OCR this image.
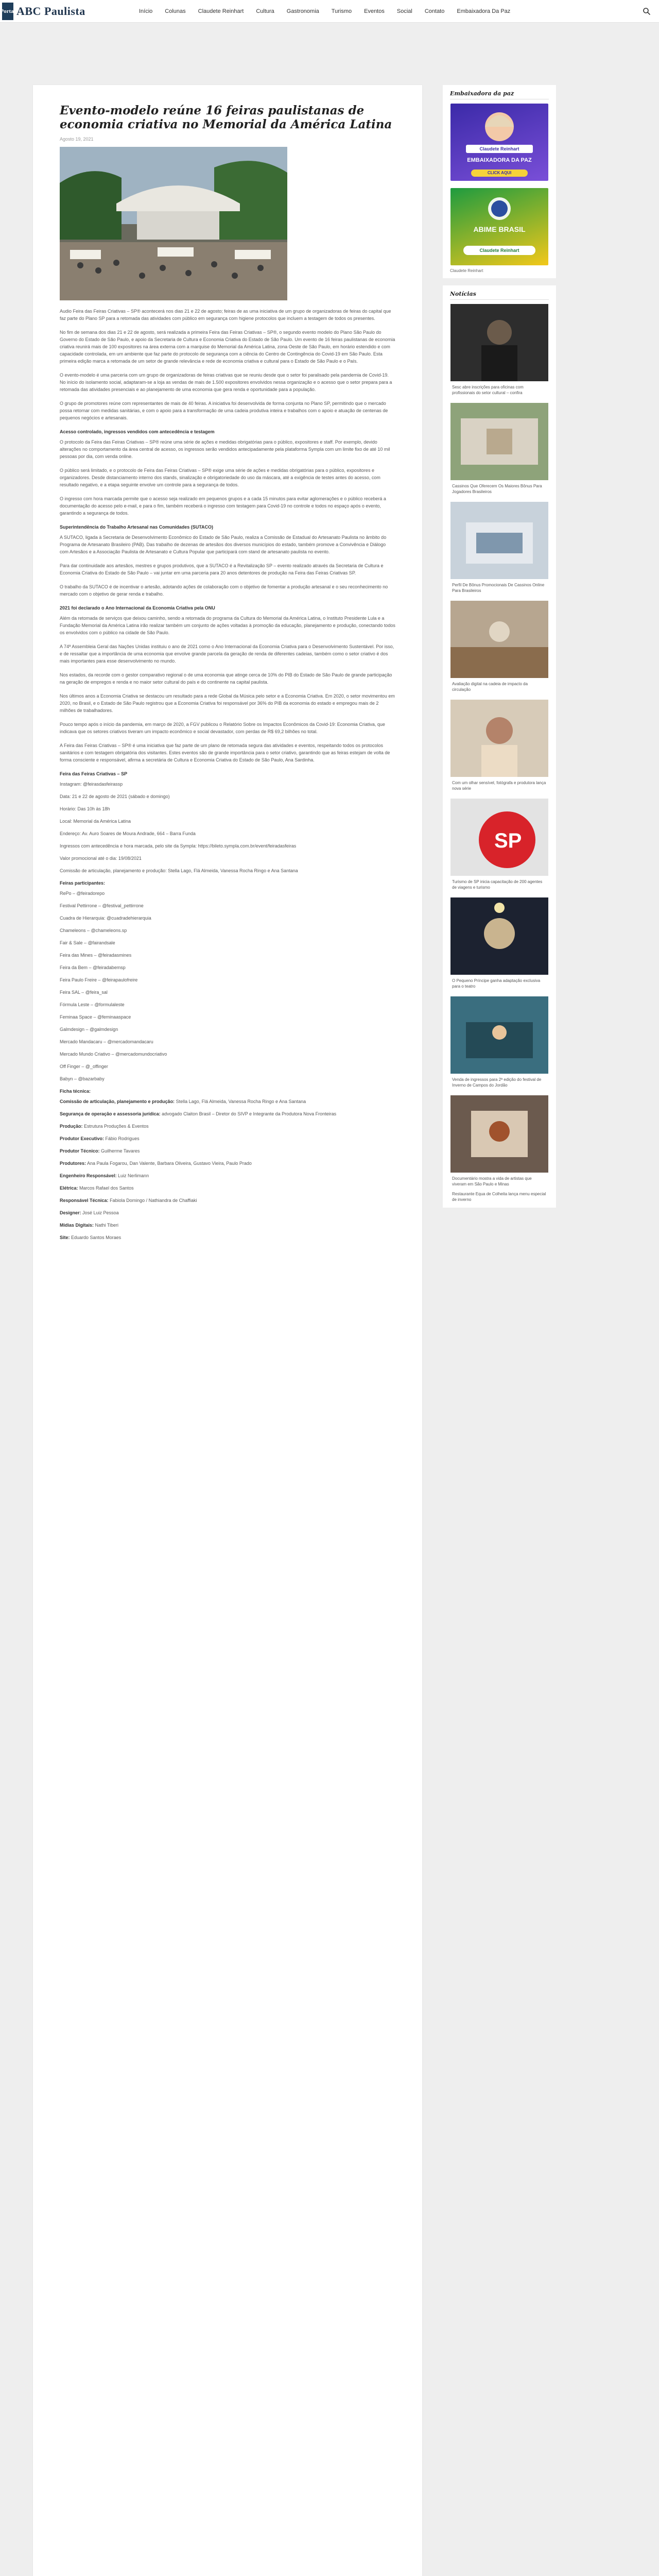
Portal ABC Paulista	Início Colunas Claudete Reinhart Cultura Gastronomia Turismo Eventos Social Contato Embaixadora Da Paz
Evento-modelo reúne 16 feiras paulistanas de economia criativa no Memorial da América Latina
Agosto 19, 2021

Audio Feira das Feiras Criativas – SP® acontecerá nos dias 21 e 22 de agosto; feiras de as uma iniciativa de um grupo de organizadoras de feiras do capital que faz parte do Plano SP para a retomada das atividades com público em segurança com higiene protocolos que incluem a testagem de todos os presentes.

No fim de semana dos dias 21 e 22 de agosto, será realizada a primeira Feira das Feiras Criativas – SP®, o segundo evento modelo do Plano São Paulo do Governo do Estado de São Paulo, e apoio da Secretaria de Cultura e Economia Criativa do Estado de São Paulo. Um evento de 16 feiras paulistanas de economia criativa reunirá mais de 100 expositores na área externa com a marquise do Memorial da América Latina, zona Oeste de São Paulo, em horário estendido e com capacidade controlada, em um ambiente que faz parte do protocolo de segurança com a ciência do Centro de Contingência do Covid-19 em São Paulo. Esta primeira edição marca a retomada de um setor de grande relevância e rede de economia criativa e cultural para o Estado de São Paulo e o País.

O evento-modelo é uma parceria com um grupo de organizadoras de feiras criativas que se reuniu desde que o setor foi paralisado pela pandemia de Covid-19. No início do isolamento social, adaptaram-se a loja as vendas de mais de 1.500 expositores envolvidos nessa organização e o acesso que o setor prepara para a retomada das atividades presenciais e ao planejamento de uma economia que gera renda e oportunidade para a população.

O grupo de promotores reúne com representantes de mais de 40 feiras. A iniciativa foi desenvolvida de forma conjunta no Plano SP, permitindo que o mercado possa retornar com medidas sanitárias, e com o apoio para a transformação de uma cadeia produtiva inteira e trabalhos com o apoio e atuação de centenas de pequenos negócios e artesanais.

Acesso controlado, ingressos vendidos com antecedência e testagem

O protocolo da Feira das Feiras Criativas – SP® reúne uma série de ações e medidas obrigatórias para o público, expositores e staff. Por exemplo, devido alterações no comportamento da área central de acesso, os ingressos serão vendidos antecipadamente pela plataforma Sympla com um limite fixo de até 10 mil pessoas por dia, com venda online.

O público será limitado, e o protocolo de Feira das Feiras Criativas – SP® exige uma série de ações e medidas obrigatórias para o público, expositores e organizadores. Desde distanciamento interno dos stands, sinalização e obrigatoriedade do uso da máscara, até a exigência de testes antes do acesso, com resultado negativo, e a etapa seguinte envolve um controle para a segurança de todos.

O ingresso com hora marcada permite que o acesso seja realizado em pequenos grupos e a cada 15 minutos para evitar aglomerações e o público receberá a documentação do acesso pelo e-mail, e para o fim, também receberá o ingresso com testagem para Covid-19 no controle e todos no espaço após o evento, garantindo a segurança de todos.

Superintendência do Trabalho Artesanal nas Comunidades (SUTACO)

A SUTACO, ligada à Secretaria de Desenvolvimento Econômico do Estado de São Paulo, realiza a Comissão de Estadual do Artesanato Paulista no âmbito do Programa de Artesanato Brasileiro (PAB). Das trabalho de dezenas de artesãos dos diversos municípios do estado, também promove a Convivência e Diálogo com Artesãos e a Associação Paulista de Artesanato e Cultura Popular que participará com stand de artesanato paulista no evento.

Para dar continuidade aos artesãos, mestres e grupos produtivos, que a SUTACO é a Revitalização SP – evento realizado através da Secretaria de Cultura e Economia Criativa do Estado de São Paulo – vai juntar em uma parceria para 20 anos detentores de produção na Feira das Feiras Criativas SP.

O trabalho da SUTACO é de incentivar o artesão, adotando ações de colaboração com o objetivo de fomentar a produção artesanal e o seu reconhecimento no mercado com o objetivo de gerar renda e trabalho.

2021 foi declarado o Ano Internacional da Economia Criativa pela ONU

Além da retomada de serviços que deixou caminho, sendo a retomada do programa da Cultura do Memorial da América Latina, o Instituto Presidente Lula e a Fundação Memorial da América Latina irão realizar também um conjunto de ações voltadas à promoção da educação, planejamento e produção, conectando todos os envolvidos com o público na cidade de São Paulo.

A 74ª Assembleia Geral das Nações Unidas instituiu o ano de 2021 como o Ano Internacional da Economia Criativa para o Desenvolvimento Sustentável. Por isso, e de ressaltar que a importância de uma economia que envolve grande parcela da geração de renda de diferentes cadeias, também como o setor criativo é dos mais importantes para esse desenvolvimento no mundo.

Nos estados, da recorde com o gestor comparativo regional o de uma economia que atinge cerca de 10% do PIB do Estado de São Paulo de grande participação na geração de empregos e renda e no maior setor cultural do país e do continente na capital paulista.

Nos últimos anos a Economia Criativa se destacou um resultado para a rede Global da Música pelo setor e a Economia Criativa. Em 2020, o setor movimentou em 2020, no Brasil, e o Estado de São Paulo registrou que a Economia Criativa foi responsável por 36% do PIB da economia do estado e empregou mais de 2 milhões de trabalhadores.

Pouco tempo após o início da pandemia, em março de 2020, a FGV publicou o Relatório Sobre os Impactos Econômicos da Covid-19: Economia Criativa, que indicava que os setores criativos tiveram um impacto econômico e social devastador, com perdas de R$ 69,2 bilhões no total.

A Feira das Feiras Criativas – SP® é uma iniciativa que faz parte de um plano de retomada segura das atividades e eventos, respeitando todos os protocolos sanitários e com testagem obrigatória dos visitantes. Estes eventos são de grande importância para o setor criativo, garantindo que as feiras estejam de volta de forma consciente e responsável, afirma a secretária de Cultura e Economia Criativa do Estado de São Paulo, Ana Sardinha.

Feira das Feiras Criativas – SP

Instagram: @feirasdasfeirassp

Data: 21 e 22 de agosto de 2021 (sábado e domingo)

Horário: Das 10h às 18h

Local: Memorial da América Latina

Endereço: Av. Auro Soares de Moura Andrade, 664 – Barra Funda

Ingressos com antecedência e hora marcada, pelo site da Sympla: https://bileto.sympla.com.br/event/feiradasfeiras

Valor promocional até o dia: 19/08/2021

Comissão de articulação, planejamento e produção: Stella Lago, Flá Almeida, Vanessa Rocha Ringo e Ana Santana

Feiras participantes:

RePo – @feiradorepo

Festival Pettirrone – @festival_pettirrone

Cuadra de Hierarquia: @cuadradehierarquia

Chameleons – @chameleons.sp

Fair & Sale – @fairandsale

Feira das Mines – @feiradasmines

Feira da Bem – @feiradabemsp

Feira Paulo Freire – @feirapaulofreire

Feira SAL – @feira_sal

Fórmula Leste – @formulaleste

Feminaa Space – @feminaaspace

Galmdesign – @galmdesign

Mercado Mandacaru – @mercadomandacaru

Mercado Mundo Criativo – @mercadomundocriativo

Off Finger – @_offinger

Babyn – @bazarbaby

Ficha técnica:

Comissão de articulação, planejamento e produção: Stella Lago, Flá Almeida, Vanessa Rocha Ringo e Ana Santana

Segurança de operação e assessoria jurídica: advogado Claiton Brasil – Diretor do SIVP e Integrante da Produtora Nova Fronteiras

Produção: Estrutura Produções & Eventos

Produtor Executivo: Fábio Rodrigues

Produtor Técnico: Guilherme Tavares

Produtores: Ana Paula Fogarou, Dan Valente, Barbara Oliveira, Gustavo Vieira, Paulo Prado

Engenheiro Responsável: Luiz Nerlimann

Elétrica: Marcos Rafael dos Santos

Responsável Técnica: Fabiola Domingo / Nathiandra de Chaffiaki

Designer: José Luiz Pessoa

Mídias Digitais: Nathi Tiberi

Site: Eduardo Santos Moraes

Embaixadora da paz
Claudete Reinhart
EMBAIXADORA DA PAZ
CLICK AQUI
ABIME BRASIL
Claudete Reinhart
Claudete Reinhart
Notícias
Sesc abre inscrições para oficinas com profissionais do setor cultural – confira
Cassinos Que Oferecem Os Maiores Bônus Para Jogadores Brasileiros
Perfil De Bônus Promocionais De Cassinos Online Para Brasileiros
Avaliação digital na cadeia de impacto da circulação
Com um olhar sensível, fotógrafa e produtora lança nova série
SP
Turismo de SP inicia capacitação de 200 agentes de viagens e turismo
O Pequeno Príncipe ganha adaptação exclusiva para o teatro
Venda de ingressos para 2ª edição do festival de Inverno de Campos do Jordão
Documentário mostra a vida de artistas que viveram em São Paulo e Minas
Restaurante Equa de Colheita lança menu especial de inverno
